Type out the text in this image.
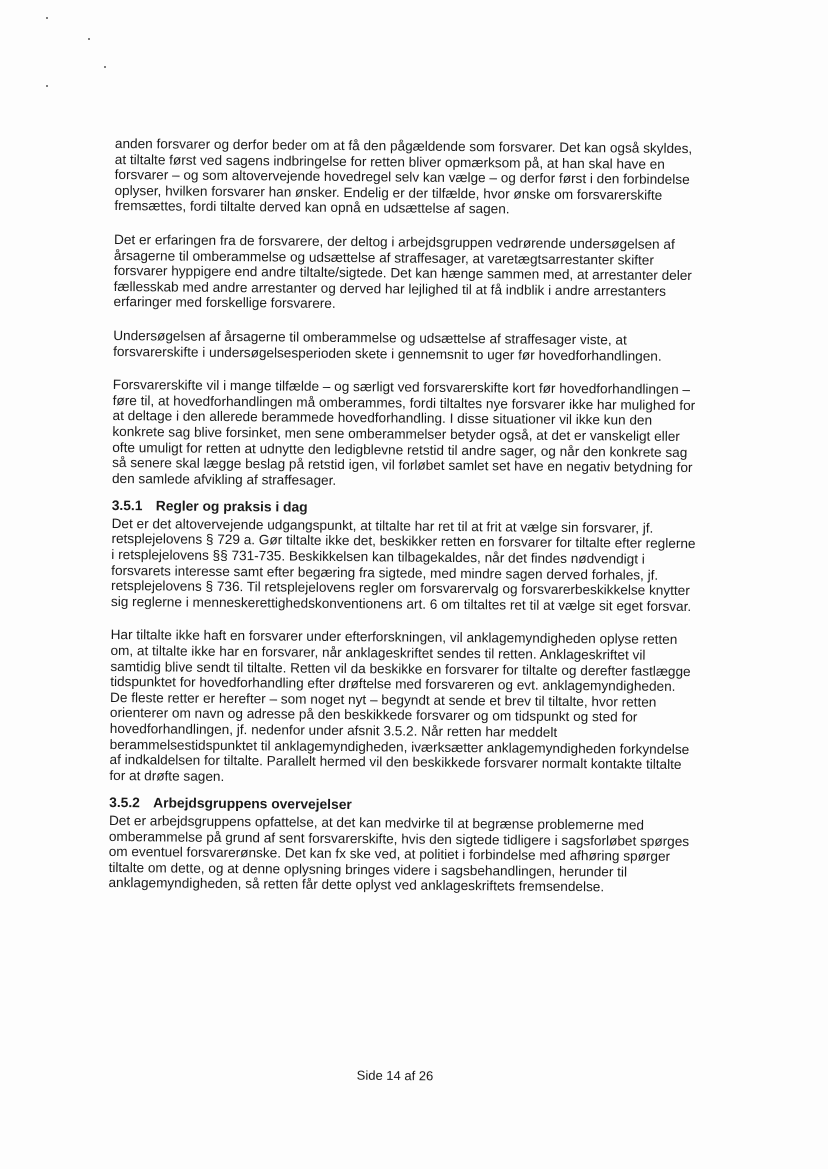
anden forsvarer og derfor beder om at få den pågældende som forsvarer. Det kan også skyldes, at tiltalte først ved sagens indbringelse for retten bliver opmærksom på, at han skal have en forsvarer – og som altovervejende hovedregel selv kan vælge – og derfor først i den forbindelse oplyser, hvilken forsvarer han ønsker. Endelig er der tilfælde, hvor ønske om forsvarerskifte fremsættes, fordi tiltalte derved kan opnå en udsættelse af sagen.

Det er erfaringen fra de forsvarere, der deltog i arbejdsgruppen vedrørende undersøgelsen af årsagerne til omberammelse og udsættelse af straffesager, at varetægtsarrestanter skifter forsvarer hyppigere end andre tiltalte/sigtede. Det kan hænge sammen med, at arrestanter deler fællesskab med andre arrestanter og derved har lejlighed til at få indblik i andre arrestanters erfaringer med forskellige forsvarere.

Undersøgelsen af årsagerne til omberammelse og udsættelse af straffesager viste, at forsvarerskifte i undersøgelsesperioden skete i gennemsnit to uger før hovedforhandlingen.

Forsvarerskifte vil i mange tilfælde – og særligt ved forsvarerskifte kort før hovedforhandlingen – føre til, at hovedforhandlingen må omberammes, fordi tiltaltes nye forsvarer ikke har mulighed for at deltage i den allerede berammede hovedforhandling. I disse situationer vil ikke kun den konkrete sag blive forsinket, men sene omberammelser betyder også, at det er vanskeligt eller ofte umuligt for retten at udnytte den ledigblevne retstid til andre sager, og når den konkrete sag så senere skal lægge beslag på retstid igen, vil forløbet samlet set have en negativ betydning for den samlede afvikling af straffesager.

3.5.1 Regler og praksis i dag

Det er det altovervejende udgangspunkt, at tiltalte har ret til at frit at vælge sin forsvarer, jf. retsplejelovens § 729 a. Gør tiltalte ikke det, beskikker retten en forsvarer for tiltalte efter reglerne i retsplejelovens §§ 731-735. Beskikkelsen kan tilbagekaldes, når det findes nødvendigt i forsvarets interesse samt efter begæring fra sigtede, med mindre sagen derved forhales, jf. retsplejelovens § 736. Til retsplejelovens regler om forsvarervalg og forsvarerbeskikkelse knytter sig reglerne i menneskerettighedskonventionens art. 6 om tiltaltes ret til at vælge sit eget forsvar.

Har tiltalte ikke haft en forsvarer under efterforskningen, vil anklagemyndigheden oplyse retten om, at tiltalte ikke har en forsvarer, når anklageskriftet sendes til retten. Anklageskriftet vil samtidig blive sendt til tiltalte. Retten vil da beskikke en forsvarer for tiltalte og derefter fastlægge tidspunktet for hovedforhandling efter drøftelse med forsvareren og evt. anklagemyndigheden. De fleste retter er herefter – som noget nyt – begyndt at sende et brev til tiltalte, hvor retten orienterer om navn og adresse på den beskikkede forsvarer og om tidspunkt og sted for hovedforhandlingen, jf. nedenfor under afsnit 3.5.2. Når retten har meddelt berammelsestidspunktet til anklagemyndigheden, iværksætter anklagemyndigheden forkyndelse af indkaldelsen for tiltalte. Parallelt hermed vil den beskikkede forsvarer normalt kontakte tiltalte for at drøfte sagen.

3.5.2 Arbejdsgruppens overvejelser

Det er arbejdsgruppens opfattelse, at det kan medvirke til at begrænse problemerne med omberammelse på grund af sent forsvarerskifte, hvis den sigtede tidligere i sagsforløbet spørges om eventuel forsvarerønske. Det kan fx ske ved, at politiet i forbindelse med afhøring spørger tiltalte om dette, og at denne oplysning bringes videre i sagsbehandlingen, herunder til anklagemyndigheden, så retten får dette oplyst ved anklageskriftets fremsendelse.

Side 14 af 26
